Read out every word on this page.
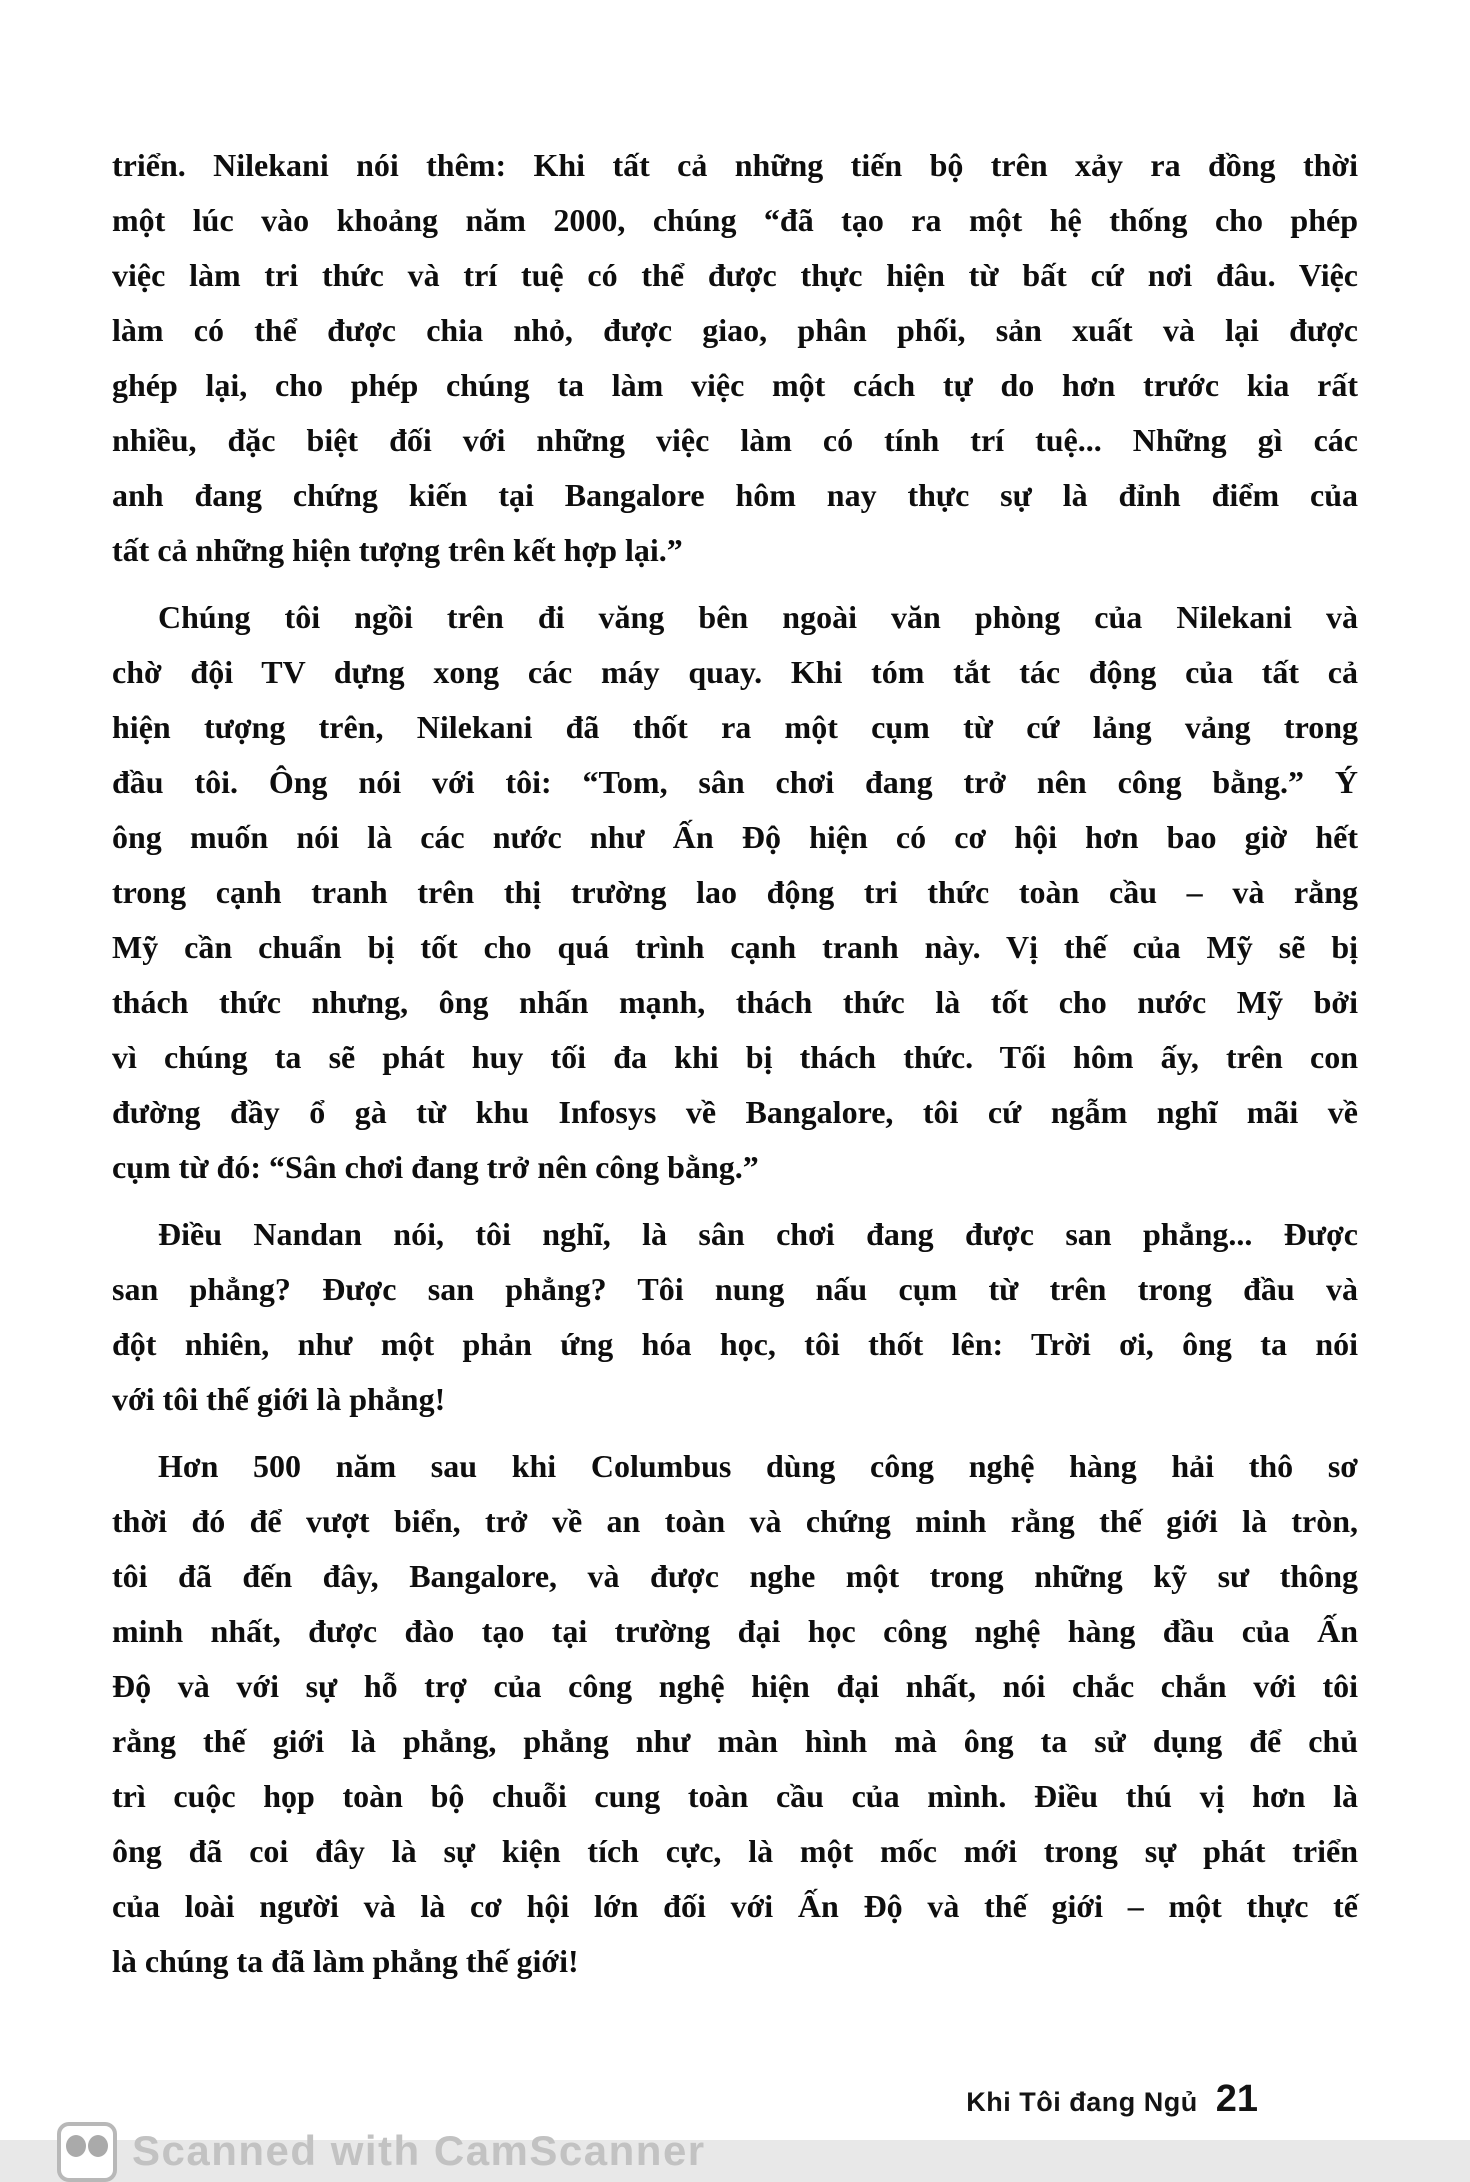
triển. Nilekani nói thêm: Khi tất cả những tiến bộ trên xảy ra đồng thời
một lúc vào khoảng năm 2000, chúng “đã tạo ra một hệ thống cho phép
việc làm tri thức và trí tuệ có thể được thực hiện từ bất cứ nơi đâu. Việc
làm có thể được chia nhỏ, được giao, phân phối, sản xuất và lại được
ghép lại, cho phép chúng ta làm việc một cách tự do hơn trước kia rất
nhiều, đặc biệt đối với những việc làm có tính trí tuệ... Những gì các
anh đang chứng kiến tại Bangalore hôm nay thực sự là đỉnh điểm của
tất cả những hiện tượng trên kết hợp lại.”
Chúng tôi ngồi trên đi văng bên ngoài văn phòng của Nilekani và
chờ đội TV dựng xong các máy quay. Khi tóm tắt tác động của tất cả
hiện tượng trên, Nilekani đã thốt ra một cụm từ cứ lảng vảng trong
đầu tôi. Ông nói với tôi: “Tom, sân chơi đang trở nên công bằng.” Ý
ông muốn nói là các nước như Ấn Độ hiện có cơ hội hơn bao giờ hết
trong cạnh tranh trên thị trường lao động tri thức toàn cầu – và rằng
Mỹ cần chuẩn bị tốt cho quá trình cạnh tranh này. Vị thế của Mỹ sẽ bị
thách thức nhưng, ông nhấn mạnh, thách thức là tốt cho nước Mỹ bởi
vì chúng ta sẽ phát huy tối đa khi bị thách thức. Tối hôm ấy, trên con
đường đầy ổ gà từ khu Infosys về Bangalore, tôi cứ ngẫm nghĩ mãi về
cụm từ đó: “Sân chơi đang trở nên công bằng.”
Điều Nandan nói, tôi nghĩ, là sân chơi đang được san phẳng... Được
san phẳng? Được san phẳng? Tôi nung nấu cụm từ trên trong đầu và
đột nhiên, như một phản ứng hóa học, tôi thốt lên: Trời ơi, ông ta nói
với tôi thế giới là phẳng!
Hơn 500 năm sau khi Columbus dùng công nghệ hàng hải thô sơ
thời đó để vượt biển, trở về an toàn và chứng minh rằng thế giới là tròn,
tôi đã đến đây, Bangalore, và được nghe một trong những kỹ sư thông
minh nhất, được đào tạo tại trường đại học công nghệ hàng đầu của Ấn
Độ và với sự hỗ trợ của công nghệ hiện đại nhất, nói chắc chắn với tôi
rằng thế giới là phẳng, phẳng như màn hình mà ông ta sử dụng để chủ
trì cuộc họp toàn bộ chuỗi cung toàn cầu của mình. Điều thú vị hơn là
ông đã coi đây là sự kiện tích cực, là một mốc mới trong sự phát triển
của loài người và là cơ hội lớn đối với Ấn Độ và thế giới – một thực tế
là chúng ta đã làm phẳng thế giới!
Khi Tôi đang Ngủ 21
Scanned with CamScanner
